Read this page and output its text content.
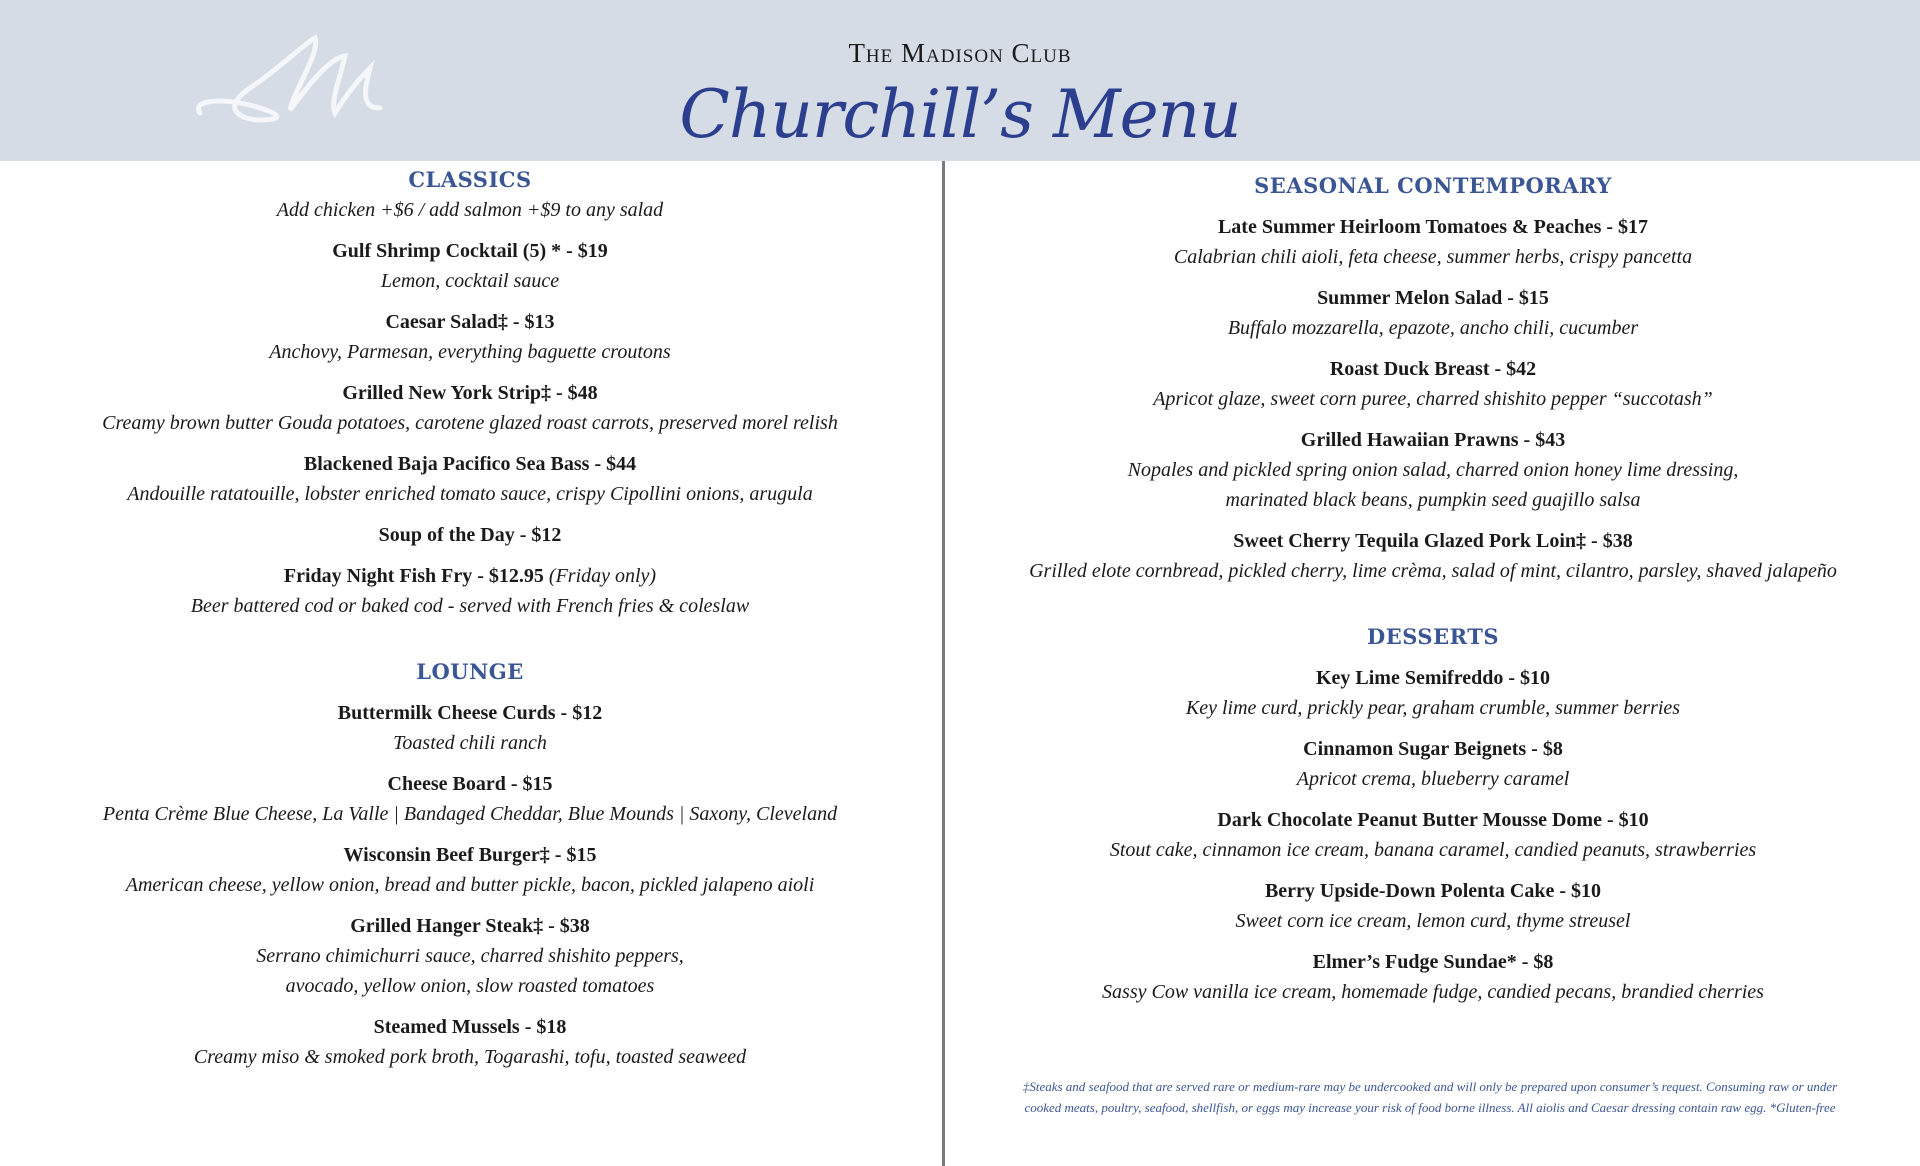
The Madison Club
Churchill’s Menu
CLASSICS
Add chicken +$6 / add salmon +$9 to any salad
Gulf Shrimp Cocktail (5) * - $19
Lemon, cocktail sauce
Caesar Salad‡ - $13
Anchovy, Parmesan, everything baguette croutons
Grilled New York Strip‡ - $48
Creamy brown butter Gouda potatoes, carotene glazed roast carrots, preserved morel relish
Blackened Baja Pacifico Sea Bass - $44
Andouille ratatouille, lobster enriched tomato sauce, crispy Cipollini onions, arugula
Soup of the Day - $12
Friday Night Fish Fry - $12.95 (Friday only)
Beer battered cod or baked cod - served with French fries & coleslaw
LOUNGE
Buttermilk Cheese Curds - $12
Toasted chili ranch
Cheese Board - $15
Penta Crème Blue Cheese, La Valle | Bandaged Cheddar, Blue Mounds | Saxony, Cleveland
Wisconsin Beef Burger‡ - $15
American cheese, yellow onion, bread and butter pickle, bacon, pickled jalapeno aioli
Grilled Hanger Steak‡ - $38
Serrano chimichurri sauce, charred shishito peppers,
avocado, yellow onion, slow roasted tomatoes
Steamed Mussels - $18
Creamy miso & smoked pork broth, Togarashi, tofu, toasted seaweed
SEASONAL CONTEMPORARY
Late Summer Heirloom Tomatoes & Peaches - $17
Calabrian chili aioli, feta cheese, summer herbs, crispy pancetta
Summer Melon Salad - $15
Buffalo mozzarella, epazote, ancho chili, cucumber
Roast Duck Breast - $42
Apricot glaze, sweet corn puree, charred shishito pepper “succotash”
Grilled Hawaiian Prawns - $43
Nopales and pickled spring onion salad, charred onion honey lime dressing,
marinated black beans, pumpkin seed guajillo salsa
Sweet Cherry Tequila Glazed Pork Loin‡ - $38
Grilled elote cornbread, pickled cherry, lime crèma, salad of mint, cilantro, parsley, shaved jalapeño
DESSERTS
Key Lime Semifreddo - $10
Key lime curd, prickly pear, graham crumble, summer berries
Cinnamon Sugar Beignets - $8
Apricot crema, blueberry caramel
Dark Chocolate Peanut Butter Mousse Dome - $10
Stout cake, cinnamon ice cream, banana caramel, candied peanuts, strawberries
Berry Upside-Down Polenta Cake - $10
Sweet corn ice cream, lemon curd, thyme streusel
Elmer’s Fudge Sundae* - $8
Sassy Cow vanilla ice cream, homemade fudge, candied pecans, brandied cherries
‡Steaks and seafood that are served rare or medium-rare may be undercooked and will only be prepared upon consumer’s request. Consuming raw or under
cooked meats, poultry, seafood, shellfish, or eggs may increase your risk of food borne illness. All aiolis and Caesar dressing contain raw egg. *Gluten-free
